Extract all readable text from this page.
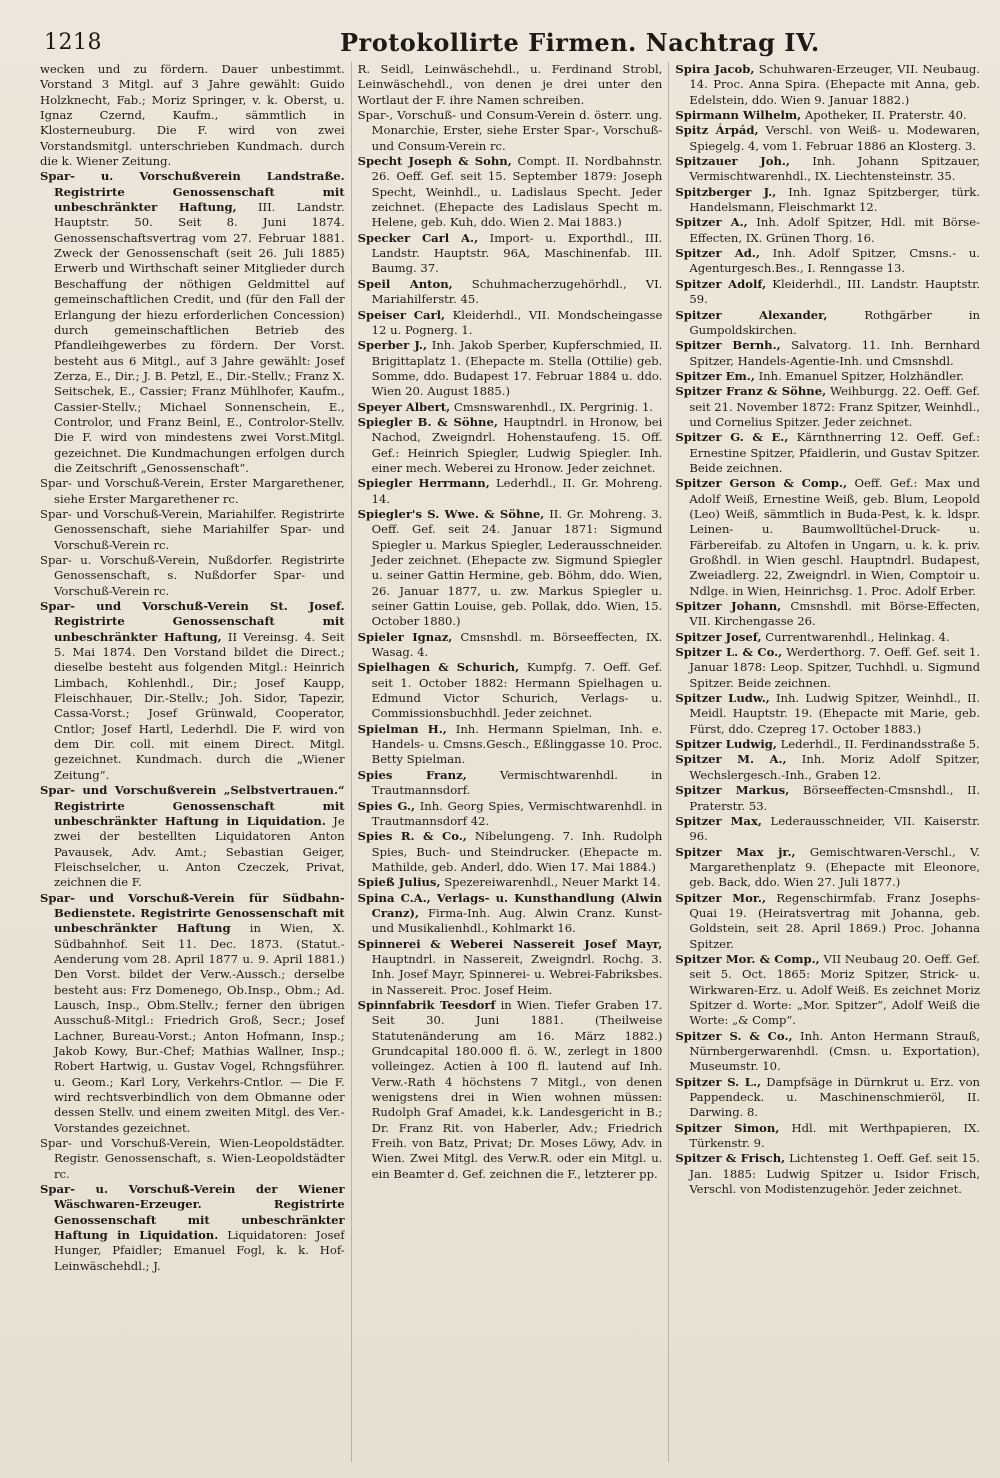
1218	Protokollirte Firmen. Nachtrag IV.

wecken und zu fördern. Dauer unbestimmt. Vorstand 3 Mitgl. auf 3 Jahre gewählt: Guido Holzknecht, Fab.; Moriz Springer, v. k. Oberst, u. Ignaz Czernd, Kaufm., sämmtlich in Klosterneuburg. Die F. wird von zwei Vorstandsmitgl. unterschrieben Kundmach. durch die k. Wiener Zeitung.

Spar- u. Vorschußverein Landstraße. Registrirte Genossenschaft mit unbeschränkter Haftung, III. Landstr. Hauptstr. 50. Seit 8. Juni 1874. Genossenschaftsvertrag vom 27. Februar 1881. Zweck der Genossenschaft (seit 26. Juli 1885) Erwerb und Wirthschaft seiner Mitglieder durch Beschaffung der nöthigen Geldmittel auf gemeinschaftlichen Credit, und (für den Fall der Erlangung der hiezu erforderlichen Concession) durch gemeinschaftlichen Betrieb des Pfandleihgewerbes zu fördern. Der Vorst. besteht aus 6 Mitgl., auf 3 Jahre gewählt: Josef Zerza, E., Dir.; J. B. Petzl, E., Dir.-Stellv.; Franz X. Seitschek, E., Cassier; Franz Mühlhofer, Kaufm., Cassier-Stellv.; Michael Sonnenschein, E., Controlor, und Franz Beinl, E., Controlor-Stellv. Die F. wird von mindestens zwei Vorst.Mitgl. gezeichnet. Die Kundmachungen erfolgen durch die Zeitschrift „Genossenschaft“.

Spar- und Vorschuß-Verein, Erster Margarethener, siehe Erster Margarethener rc.

Spar- und Vorschuß-Verein, Mariahilfer. Registrirte Genossenschaft, siehe Mariahilfer Spar- und Vorschuß-Verein rc.

Spar- u. Vorschuß-Verein, Nußdorfer. Registrirte Genossenschaft, s. Nußdorfer Spar- und Vorschuß-Verein rc.

Spar- und Vorschuß-Verein St. Josef. Registrirte Genossenschaft mit unbeschränkter Haftung, II Vereinsg. 4. Seit 5. Mai 1874. Den Vorstand bildet die Direct.; dieselbe besteht aus folgenden Mitgl.: Heinrich Limbach, Kohlenhdl., Dir.; Josef Kaupp, Fleischhauer, Dir.-Stellv.; Joh. Sidor, Tapezir, Cassa-Vorst.; Josef Grünwald, Cooperator, Cntlor; Josef Hartl, Lederhdl. Die F. wird von dem Dir. coll. mit einem Direct. Mitgl. gezeichnet. Kundmach. durch die „Wiener Zeitung“.

Spar- und Vorschußverein „Selbstvertrauen.“ Registrirte Genossenschaft mit unbeschränkter Haftung in Liquidation. Je zwei der bestellten Liquidatoren Anton Pavausek, Adv. Amt.; Sebastian Geiger, Fleischselcher, u. Anton Czeczek, Privat, zeichnen die F.

Spar- und Vorschuß-Verein für Südbahn-Bedienstete. Registrirte Genossenschaft mit unbeschränkter Haftung in Wien, X. Südbahnhof. Seit 11. Dec. 1873. (Statut.-Aenderung vom 28. April 1877 u. 9. April 1881.) Den Vorst. bildet der Verw.-Aussch.; derselbe besteht aus: Frz Domenego, Ob.Insp., Obm.; Ad. Lausch, Insp., Obm.Stellv.; ferner den übrigen Ausschuß-Mitgl.: Friedrich Groß, Secr.; Josef Lachner, Bureau-Vorst.; Anton Hofmann, Insp.; Jakob Kowy, Bur.-Chef; Mathias Wallner, Insp.; Robert Hartwig, u. Gustav Vogel, Rchngsführer. u. Geom.; Karl Lory, Verkehrs-Cntlor. — Die F. wird rechtsverbindlich von dem Obmanne oder dessen Stellv. und einem zweiten Mitgl. des Ver.-Vorstandes gezeichnet.

Spar- und Vorschuß-Verein, Wien-Leopoldstädter. Registr. Genossenschaft, s. Wien-Leopoldstädter rc.

Spar- u. Vorschuß-Verein der Wiener Wäschwaren-Erzeuger. Registrirte Genossenschaft mit unbeschränkter Haftung in Liquidation. Liquidatoren: Josef Hunger, Pfaidler; Emanuel Fogl, k. k. Hof-Leinwäschehdl.; J.

R. Seidl, Leinwäschehdl., u. Ferdinand Strobl, Leinwäschehdl., von denen je drei unter den Wortlaut der F. ihre Namen schreiben.

Spar-, Vorschuß- und Consum-Verein d. österr. ung. Monarchie, Erster, siehe Erster Spar-, Vorschuß- und Consum-Verein rc.

Specht Joseph & Sohn, Compt. II. Nordbahnstr. 26. Oeff. Gef. seit 15. September 1879: Joseph Specht, Weinhdl., u. Ladislaus Specht. Jeder zeichnet. (Ehepacte des Ladislaus Specht m. Helene, geb. Kuh, ddo. Wien 2. Mai 1883.)

Specker Carl A., Import- u. Exporthdl., III. Landstr. Hauptstr. 96A, Maschinenfab. III. Baumg. 37.

Speil Anton, Schuhmacherzugehörhdl., VI. Mariahilferstr. 45.

Speiser Carl, Kleiderhdl., VII. Mondscheingasse 12 u. Pognerg. 1.

Sperber J., Inh. Jakob Sperber, Kupferschmied, II. Brigittaplatz 1. (Ehepacte m. Stella (Ottilie) geb. Somme, ddo. Budapest 17. Februar 1884 u. ddo. Wien 20. August 1885.)

Speyer Albert, Cmsnswarenhdl., IX. Pergrinig. 1.

Spiegler B. & Söhne, Hauptndrl. in Hronow, bei Nachod, Zweigndrl. Hohenstaufeng. 15. Off. Gef.: Heinrich Spiegler, Ludwig Spiegler. Inh. einer mech. Weberei zu Hronow. Jeder zeichnet.

Spiegler Herrmann, Lederhdl., II. Gr. Mohreng. 14.

Spiegler's S. Wwe. & Söhne, II. Gr. Mohreng. 3. Oeff. Gef. seit 24. Januar 1871: Sigmund Spiegler u. Markus Spiegler, Lederausschneider. Jeder zeichnet. (Ehepacte zw. Sigmund Spiegler u. seiner Gattin Hermine, geb. Böhm, ddo. Wien, 26. Januar 1877, u. zw. Markus Spiegler u. seiner Gattin Louise, geb. Pollak, ddo. Wien, 15. October 1880.)

Spieler Ignaz, Cmsnshdl. m. Börseeffecten, IX. Wasag. 4.

Spielhagen & Schurich, Kumpfg. 7. Oeff. Gef. seit 1. October 1882: Hermann Spielhagen u. Edmund Victor Schurich, Verlags- u. Commissionsbuchhdl. Jeder zeichnet.

Spielman H., Inh. Hermann Spielman, Inh. e. Handels- u. Cmsns.Gesch., Eßlinggasse 10. Proc. Betty Spielman.

Spies Franz,	Vermischtwarenhdl. in Trautmannsdorf.

Spies G., Inh. Georg Spies, Vermischtwarenhdl. in Trautmannsdorf 42.

Spies R. & Co., Nibelungeng. 7. Inh. Rudolph Spies, Buch- und Steindrucker. (Ehepacte m. Mathilde, geb. Anderl, ddo. Wien 17. Mai 1884.)

Spieß Julius, Spezereiwarenhdl., Neuer Markt 14.

Spina C.A., Verlags- u. Kunsthandlung (Alwin Cranz), Firma-Inh. Aug. Alwin Cranz. Kunst- und Musikalienhdl., Kohlmarkt 16.

Spinnerei & Weberei Nassereit Josef Mayr, Hauptndrl. in Nassereit, Zweigndrl. Rochg. 3. Inh. Josef Mayr, Spinnerei- u. Webrei-Fabriksbes. in Nassereit. Proc. Josef Heim.

Spinnfabrik Teesdorf in Wien. Tiefer Graben 17. Seit 30. Juni 1881. (Theilweise Statutenänderung am 16. März 1882.) Grundcapital 180.000 fl. ö. W., zerlegt in 1800 volleingez. Actien à 100 fl. lautend auf Inh. Verw.-Rath 4 höchstens 7 Mitgl., von denen wenigstens drei in Wien wohnen müssen: Rudolph Graf Amadei, k.k. Landesgericht in B.; Dr. Franz Rit. von Haberler, Adv.; Friedrich Freih. von Batz, Privat; Dr. Moses Löwy, Adv. in Wien. Zwei Mitgl. des Verw.R. oder ein Mitgl. u. ein Beamter d. Gef. zeichnen die F., letzterer pp.

Spira Jacob, Schuhwaren-Erzeuger, VII. Neubaug. 14. Proc. Anna Spira. (Ehepacte mit Anna, geb. Edelstein, ddo. Wien 9. Januar 1882.)

Spirmann Wilhelm, Apotheker, II. Praterstr. 40.

Spitz Árpád, Verschl. von Weiß- u. Modewaren, Spiegelg. 4, vom 1. Februar 1886 an Klosterg. 3.

Spitzauer Joh., Inh. Johann Spitzauer, Vermischtwarenhdl., IX. Liechtensteinstr. 35.

Spitzberger J., Inh. Ignaz Spitzberger, türk. Handelsmann, Fleischmarkt 12.

Spitzer A., Inh. Adolf Spitzer, Hdl. mit Börse-Effecten, IX. Grünen Thorg. 16.

Spitzer Ad., Inh. Adolf Spitzer, Cmsns.- u. Agenturgesch.Bes., I. Renngasse 13.

Spitzer Adolf, Kleiderhdl., III. Landstr. Hauptstr. 59.

Spitzer Alexander,	Rothgärber in Gumpoldskirchen.

Spitzer Bernh., Salvatorg. 11. Inh. Bernhard Spitzer, Handels-Agentie-Inh. und Cmsnshdl.

Spitzer Em., Inh. Emanuel Spitzer, Holzhändler.

Spitzer Franz & Söhne, Weihburgg. 22. Oeff. Gef. seit 21. November 1872: Franz Spitzer, Weinhdl., und Cornelius Spitzer. Jeder zeichnet.

Spitzer G. & E., Kärnthnerring 12. Oeff. Gef.: Ernestine Spitzer, Pfaidlerin, und Gustav Spitzer. Beide zeichnen.

Spitzer Gerson & Comp., Oeff. Gef.: Max und Adolf Weiß, Ernestine Weiß, geb. Blum, Leopold (Leo) Weiß, sämmtlich in Buda-Pest, k. k. ldspr. Leinen- u. Baumwolltüchel-Druck- u. Färbereifab. zu Altofen in Ungarn, u. k. k. priv. Großhdl. in Wien geschl. Hauptndrl. Budapest, Zweiadlerg. 22, Zweigndrl. in Wien, Comptoir u. Ndlge. in Wien, Heinrichsg. 1. Proc. Adolf Erber.

Spitzer Johann, Cmsnshdl. mit Börse-Effecten, VII. Kirchengasse 26.

Spitzer Josef, Currentwarenhdl., Helinkag. 4.

Spitzer L. & Co., Werderthorg. 7. Oeff. Gef. seit 1. Januar 1878: Leop. Spitzer, Tuchhdl. u. Sigmund Spitzer. Beide zeichnen.

Spitzer Ludw., Inh. Ludwig Spitzer, Weinhdl., II. Meidl. Hauptstr. 19. (Ehepacte mit Marie, geb. Fürst, ddo. Czepreg 17. October 1883.)

Spitzer Ludwig, Lederhdl., II. Ferdinandsstraße 5.

Spitzer M. A., Inh. Moriz Adolf Spitzer, Wechslergesch.-Inh., Graben 12.

Spitzer Markus, Börseeffecten-Cmsnshdl., II. Praterstr. 53.

Spitzer Max, Lederausschneider, VII. Kaiserstr. 96.

Spitzer Max jr., Gemischtwaren-Verschl., V. Margarethenplatz 9. (Ehepacte mit Eleonore, geb. Back, ddo. Wien 27. Juli 1877.)

Spitzer Mor., Regenschirmfab. Franz Josephs-Quai 19. (Heiratsvertrag mit Johanna, geb. Goldstein, seit 28. April 1869.) Proc. Johanna Spitzer.

Spitzer Mor. & Comp., VII Neubaug 20. Oeff. Gef. seit 5. Oct. 1865: Moriz Spitzer, Strick- u. Wirkwaren-Erz. u. Adolf Weiß. Es zeichnet Moriz Spitzer d. Worte: „Mor. Spitzer“, Adolf Weiß die Worte: „& Comp“.

Spitzer S. & Co., Inh. Anton Hermann Strauß, Nürnbergerwarenhdl. (Cmsn. u. Exportation), Museumstr. 10.

Spitzer S. L., Dampfsäge in Dürnkrut u. Erz. von Pappendeck. u. Maschinenschmieröl, II. Darwing. 8.

Spitzer Simon, Hdl. mit Werthpapieren, IX. Türkenstr. 9.

Spitzer & Frisch, Lichtensteg 1. Oeff. Gef. seit 15. Jan. 1885: Ludwig Spitzer u. Isidor Frisch, Verschl. von Modistenzugehör. Jeder zeichnet.
